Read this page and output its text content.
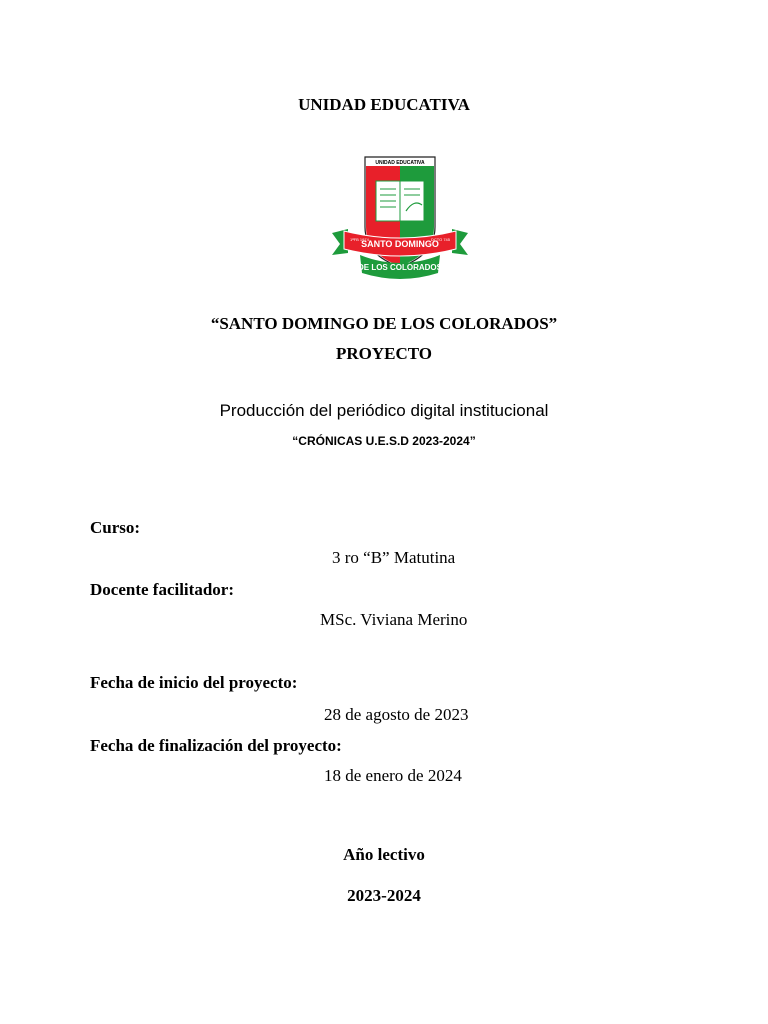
UNIDAD EDUCATIVA
UNIDAD EDUCATIVA
1ªFB 1974	DCTO 745
SANTO DOMINGO
DE LOS COLORADOS
“SANTO DOMINGO DE LOS COLORADOS”
PROYECTO
Producción del periódico digital institucional
“CRÓNICAS U.E.S.D 2023-2024”
Curso:
3 ro “B” Matutina
Docente facilitador:
MSc. Viviana Merino
Fecha de inicio del proyecto:
28 de agosto de 2023
Fecha de finalización del proyecto:
18 de enero de 2024
Año lectivo
2023-2024
